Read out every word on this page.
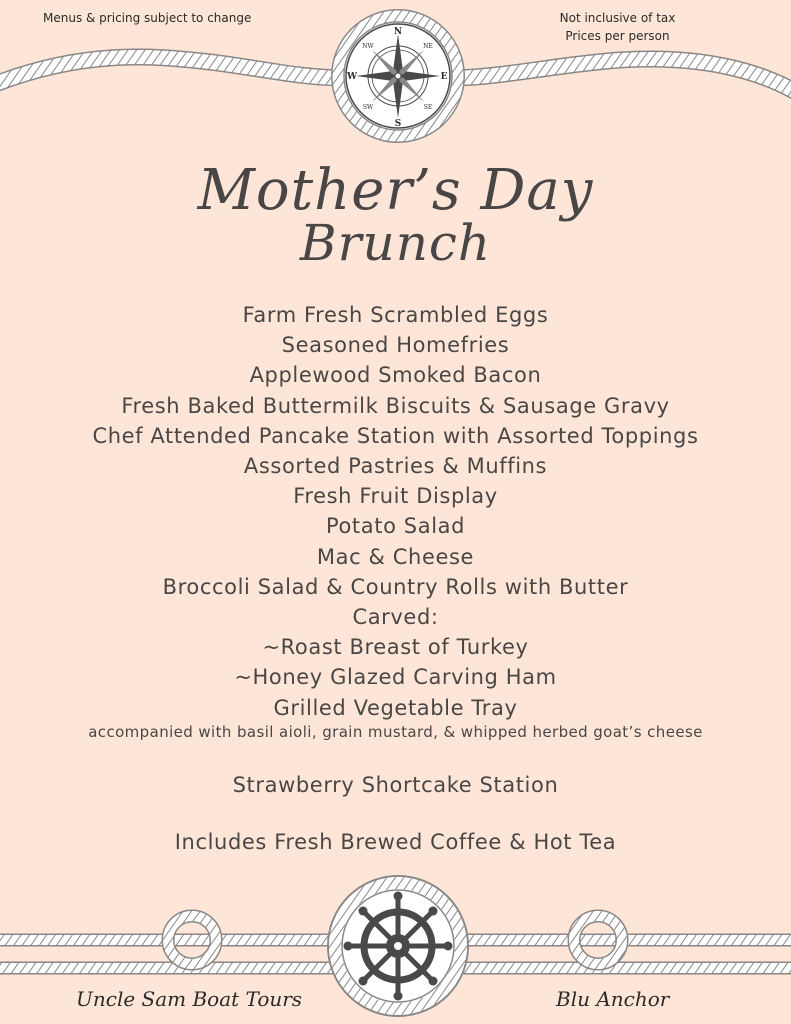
Menus & pricing subject to change	Not inclusive of tax
Prices per person
N
S
E
W
NE
NW
SE
SW
Mother’s Day
Brunch
Farm Fresh Scrambled Eggs
Seasoned Homefries
Applewood Smoked Bacon
Fresh Baked Buttermilk Biscuits & Sausage Gravy
Chef Attended Pancake Station with Assorted Toppings
Assorted Pastries & Muffins
Fresh Fruit Display
Potato Salad
Mac & Cheese
Broccoli Salad & Country Rolls with Butter
Carved:
~Roast Breast of Turkey
~Honey Glazed Carving Ham
Grilled Vegetable Tray
accompanied with basil aioli, grain mustard, & whipped herbed goat’s cheese
Strawberry Shortcake Station
Includes Fresh Brewed Coffee & Hot Tea
Uncle Sam Boat Tours	Blu Anchor
